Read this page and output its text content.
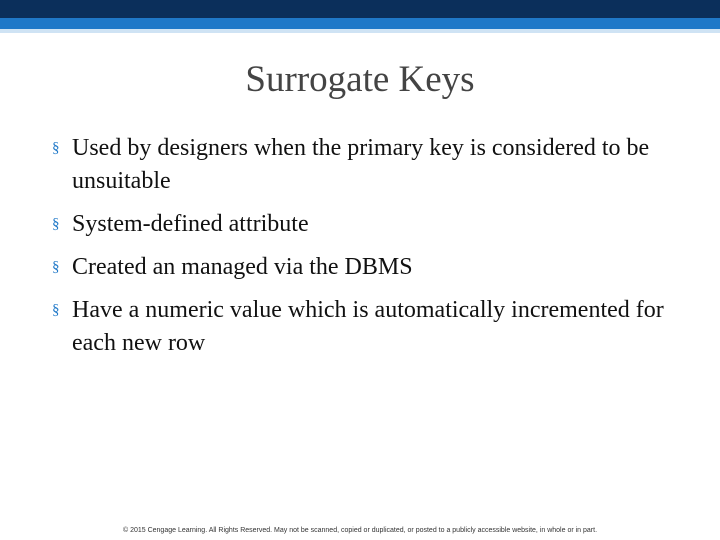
Surrogate Keys
§ Used by designers when the primary key is considered to be unsuitable
§ System-defined attribute
§ Created an managed via the DBMS
§ Have a numeric value which is automatically incremented for each new row
© 2015 Cengage Learning. All Rights Reserved. May not be scanned, copied or duplicated, or posted to a publicly accessible website, in whole or in part.
